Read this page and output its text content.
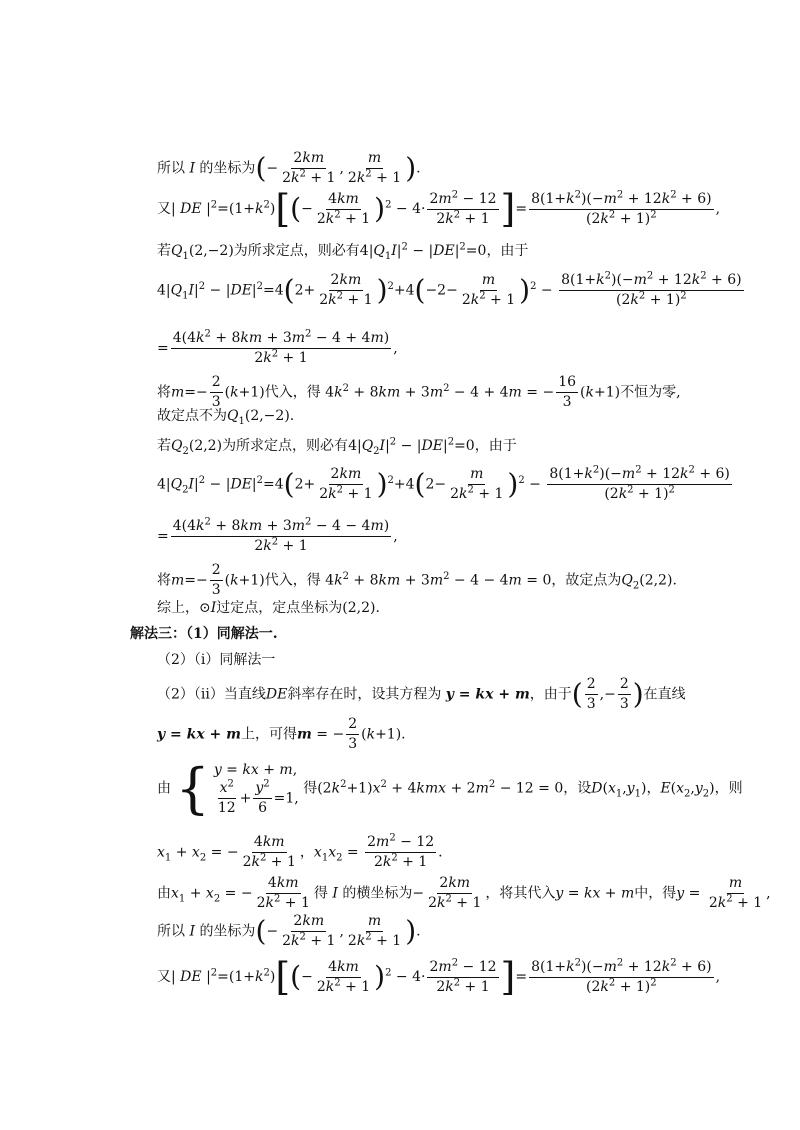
所以 I 的坐标为(− $\frac{2km}{2k^2 + 1}$ , $\frac{m}{2k^2 + 1}$ ).
又| DE $|^2=(1+k^2)[(- \frac{4km}{2k^2 + 1} )^2 - 4\cdot \frac{2m^2 - 12}{2k^2 + 1}$ ]= $\frac{8(1+k^2)(-m^2 + 12k^2 + 6)}{(2k^2 + 1)^2}$ ,
若$Q_1(2,-2)$为所求定点，则必有$4|Q_1I|^2 - |DE|^2=0$，由于
$4|Q_1I|^2 - |DE|^2=4(2+ \frac{2km}{2k^2 + 1} )^2+4(-2- \frac{m}{2k^2 + 1} )^2 - \frac{8(1+k^2)(-m^2 + 12k^2 + 6)}{(2k^2 + 1)^2}$
= $\frac{4(4k^2 + 8km + 3m^2 - 4 + 4m)}{2k^2 + 1}$ ,
将$m=- \frac{2}{3} (k+1)$代入，得 $4k^2 + 8km + 3m^2 - 4 + 4m$ = − $\frac{16}{3} (k+1)$不恒为零,
故定点不为$Q_1(2,-2)$.
若$Q_2(2,2)$为所求定点，则必有$4|Q_2I|^2 - |DE|^2=0$，由于
$4|Q_2I|^2 - |DE|^2=4(2+ \frac{2km}{2k^2 + 1} )^2+4(2- \frac{m}{2k^2 + 1} )^2 - \frac{8(1+k^2)(-m^2 + 12k^2 + 6)}{(2k^2 + 1)^2}$
= $\frac{4(4k^2 + 8km + 3m^2 - 4 - 4m)}{2k^2 + 1}$ ,
将$m=- \frac{2}{3} (k+1)$代入，得 $4k^2 + 8km + 3m^2 - 4 - 4m = 0$，故定点为$Q_2(2,2)$.
综上，⊙I过定点，定点坐标为(2,2).
解法三：（1）同解法一.
（2）（i）同解法一
（2）（ii）当直线DE斜率存在时，设其方程为 y = kx + m，由于( $\frac{2}{3}$ ,− $\frac{2}{3}$ )在直线
y = kx + m上，可得m = − $\frac{2}{3} (k+1)$.
由 { y = kx + m,
$\frac{x^2}{12} + \frac{y^2}{6} =1$,
得$(2k^2+1)x^2 + 4kmx + 2m^2 - 12 = 0$，设$D(x_1,y_1)$，$E(x_2,y_2)$，则
$x_1 + x_2$ = − $\frac{4km}{2k^2 + 1}$ ，$x_1x_2 = \frac{2m^2 - 12}{2k^2 + 1}$ .
由$x_1 + x_2$ = − $\frac{4km}{2k^2 + 1}$ 得 I 的横坐标为− $\frac{2km}{2k^2 + 1}$ ，将其代入y = kx + m中，得$y = \frac{m}{2k^2 + 1}$ ,
所以 I 的坐标为(− $\frac{2km}{2k^2 + 1}$ , $\frac{m}{2k^2 + 1}$ ).
又| DE $|^2=(1+k^2)[(- \frac{4km}{2k^2 + 1} )^2 - 4\cdot \frac{2m^2 - 12}{2k^2 + 1}$ ]= $\frac{8(1+k^2)(-m^2 + 12k^2 + 6)}{(2k^2 + 1)^2}$ ,
